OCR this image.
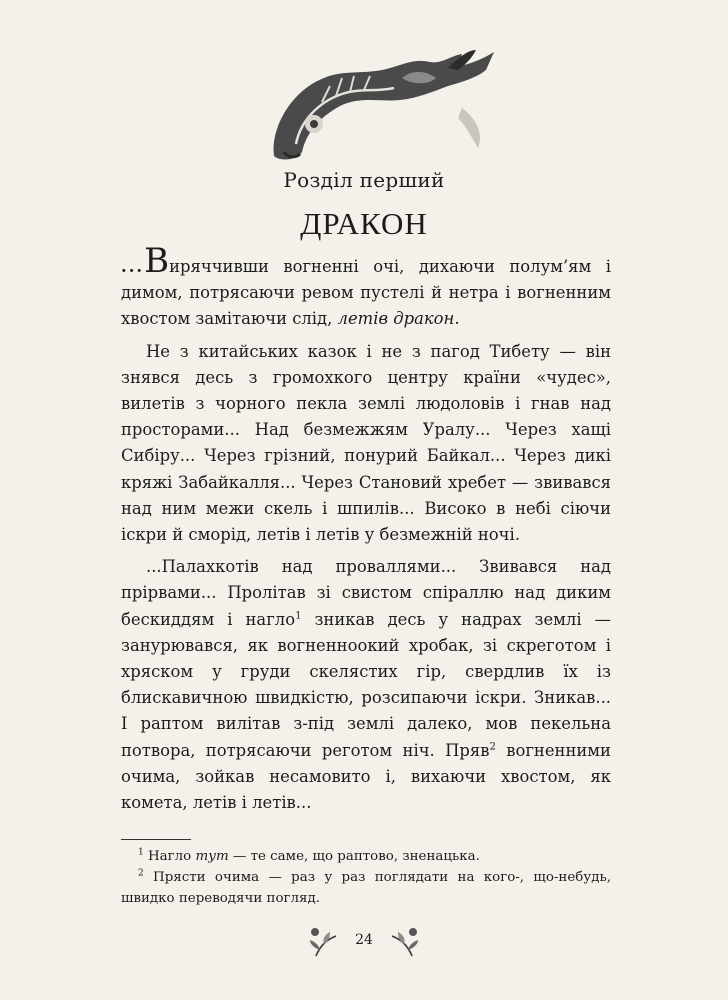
Розділ перший
ДРАКОН

...Виряччивши вогненні очі, дихаючи полум’ям і димом, потрясаючи ревом пустелі й нетра і вогненним хвостом замітаючи слід, летів дракон.

Не з китайських казок і не з пагод Тибету — він знявся десь з громохкого центру країни «чудес», вилетів з чорного пекла землі людоловів і гнав над просторами... Над безмежжям Уралу... Через хащі Сибіру... Через грізний, понурий Байкал... Через дикі кряжі Забайкалля... Через Становий хребет — звивався над ним межи скель і шпилів... Високо в небі сіючи іскри й сморід, летів і летів у безмежній ночі.

...Палахкотів над проваллями... Звивався над прірвами... Пролітав зі свистом спіраллю над диким бескиддям і нагло$^1$ зникав десь у надрах землі — занурювався, як вогненноокий хробак, зі скреготом і хряском у груди скелястих гір, свердлив їх із блискавичною швидкістю, розсипаючи іскри. Зникав... І раптом вилітав з-під землі далеко, мов пекельна потвора, потрясаючи реготом ніч. Пряв$^2$ вогненними очима, зойкав несамовито і, вихаючи хвостом, як комета, летів і летів...

$^1$ Нагло тут — те саме, що раптово, зненацька.

$^2$ Прясти очима — раз у раз поглядати на кого-, що-небудь, швидко переводячи погляд.

24
